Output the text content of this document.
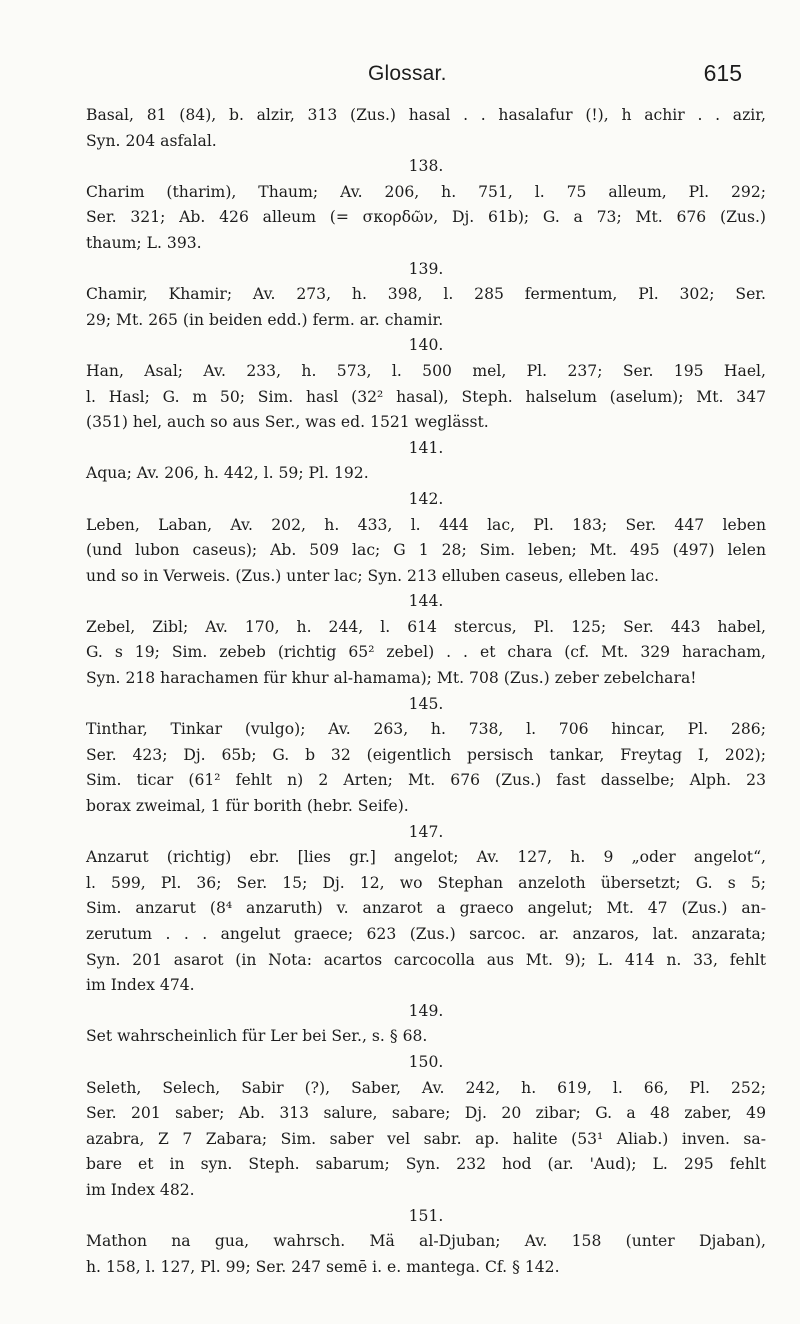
Glossar.	615

Basal, 81 (84), b. alzir, 313 (Zus.) hasal . . hasalafur (!), h achir . . azir,

Syn. 204 asfalal.

138.

Charim (tharim), Thaum; Av. 206, h. 751, l. 75 alleum, Pl. 292;

Ser. 321; Ab. 426 alleum (= σκορδῶν, Dj. 61b); G. a 73; Mt. 676 (Zus.)

thaum; L. 393.

139.

Chamir, Khamir; Av. 273, h. 398, l. 285 fermentum, Pl. 302; Ser.

29; Mt. 265 (in beiden edd.) ferm. ar. chamir.

140.

Han, Asal; Av. 233, h. 573, l. 500 mel, Pl. 237; Ser. 195 Hael,

l. Hasl; G. m 50; Sim. hasl (32² hasal), Steph. halselum (aselum); Mt. 347

(351) hel, auch so aus Ser., was ed. 1521 weglässt.

141.

Aqua; Av. 206, h. 442, l. 59; Pl. 192.

142.

Leben, Laban, Av. 202, h. 433, l. 444 lac, Pl. 183; Ser. 447 leben

(und lubon caseus); Ab. 509 lac; G 1 28; Sim. leben; Mt. 495 (497) lelen

und so in Verweis. (Zus.) unter lac; Syn. 213 elluben caseus, elleben lac.

144.

Zebel, Zibl; Av. 170, h. 244, l. 614 stercus, Pl. 125; Ser. 443 habel,

G. s 19; Sim. zebeb (richtig 65² zebel) . . et chara (cf. Mt. 329 haracham,

Syn. 218 harachamen für khur al-hamama); Mt. 708 (Zus.) zeber zebelchara!

145.

Tinthar, Tinkar (vulgo); Av. 263, h. 738, l. 706 hincar, Pl. 286;

Ser. 423; Dj. 65b; G. b 32 (eigentlich persisch tankar, Freytag I, 202);

Sim. ticar (61² fehlt n) 2 Arten; Mt. 676 (Zus.) fast dasselbe; Alph. 23

borax zweimal, 1 für borith (hebr. Seife).

147.

Anzarut (richtig) ebr. [lies gr.] angelot; Av. 127, h. 9 „oder angelot“,

l. 599, Pl. 36; Ser. 15; Dj. 12, wo Stephan anzeloth übersetzt; G. s 5;

Sim. anzarut (8⁴ anzaruth) v. anzarot a graeco angelut; Mt. 47 (Zus.) an-

zerutum . . . angelut graece; 623 (Zus.) sarcoc. ar. anzaros, lat. anzarata;

Syn. 201 asarot (in Nota: acartos carcocolla aus Mt. 9); L. 414 n. 33, fehlt

im Index 474.

149.

Set wahrscheinlich für Ler bei Ser., s. § 68.

150.

Seleth, Selech, Sabir (?), Saber, Av. 242, h. 619, l. 66, Pl. 252;

Ser. 201 saber; Ab. 313 salure, sabare; Dj. 20 zibar; G. a 48 zaber, 49

azabra, Z 7 Zabara; Sim. saber vel sabr. ap. halite (53¹ Aliab.) inven. sa-

bare et in syn. Steph. sabarum; Syn. 232 hod (ar. 'Aud); L. 295 fehlt

im Index 482.

151.

Mathon na gua, wahrsch. Mä al-Djuban; Av. 158 (unter Djaban),

h. 158, l. 127, Pl. 99; Ser. 247 semē i. e. mantega. Cf. § 142.
